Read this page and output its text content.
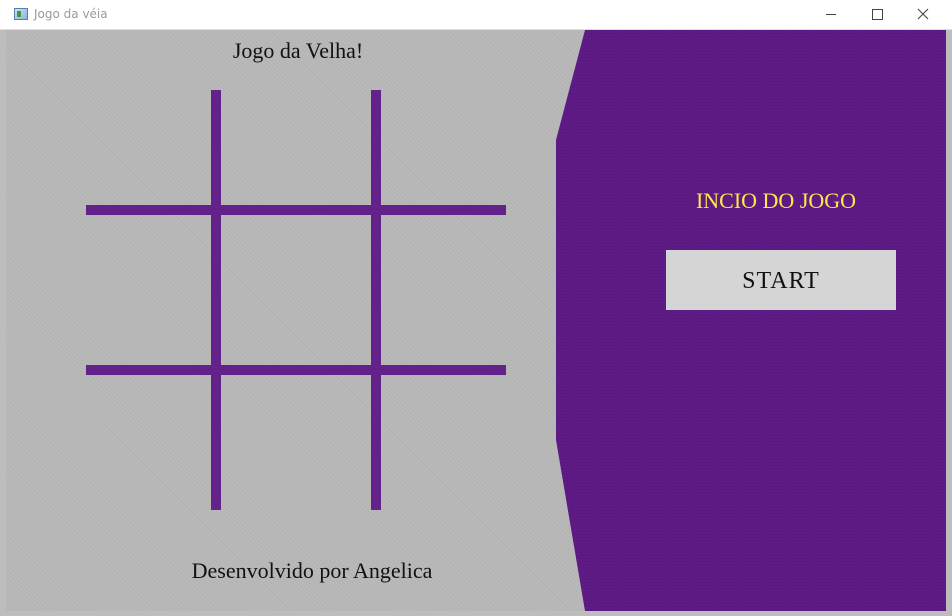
Jogo da véia
Jogo da Velha!
Desenvolvido por Angelica
INCIO DO JOGO
START
